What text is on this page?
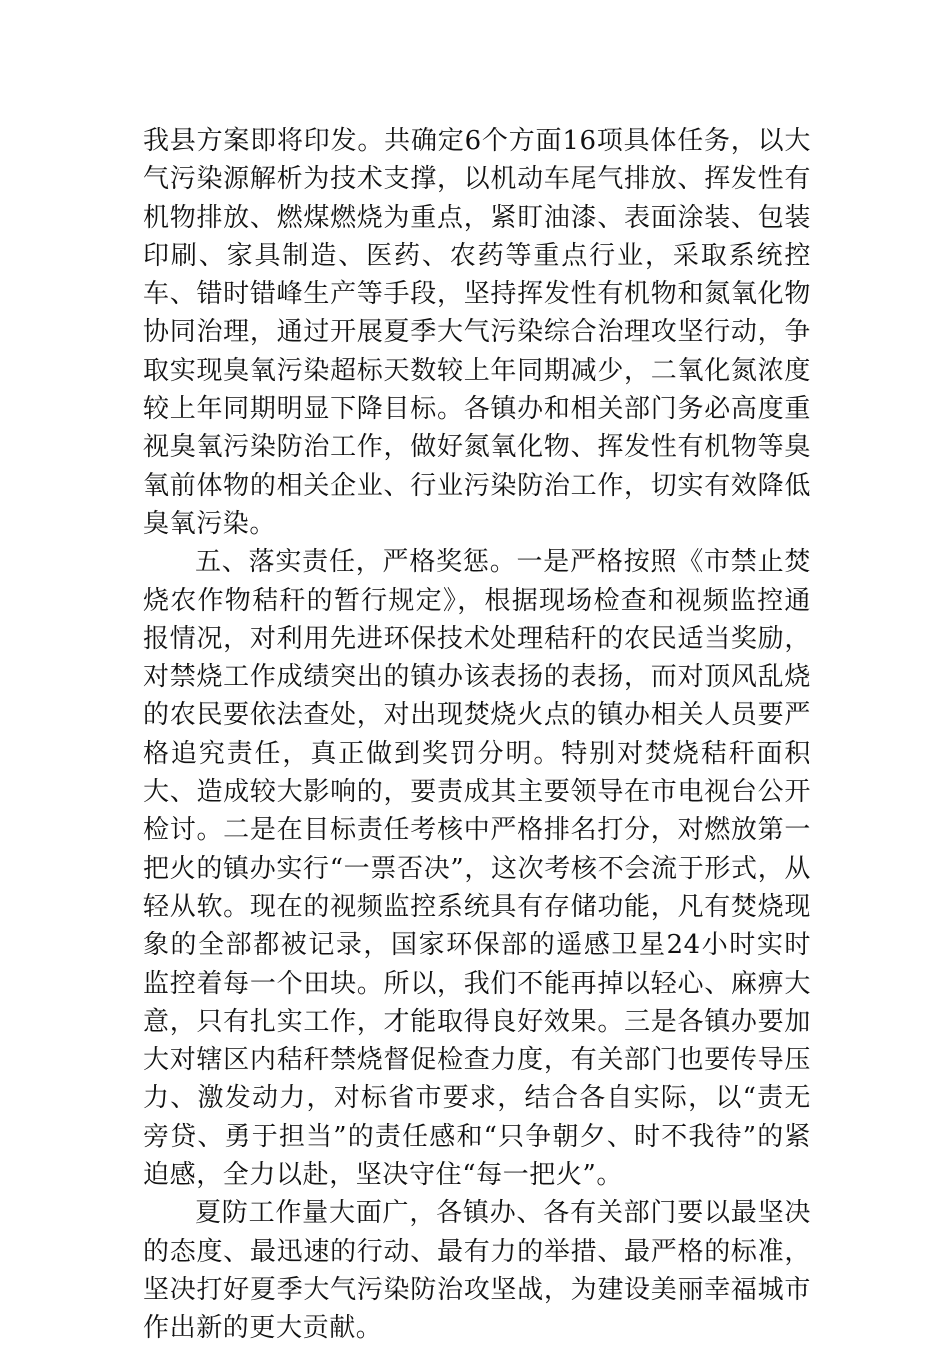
我县方案即将印发。共确定6个方面16项具体任务，以大气污染源解析为技术支撑，以机动车尾气排放、挥发性有机物排放、燃煤燃烧为重点，紧盯油漆、表面涂装、包装印刷、家具制造、医药、农药等重点行业，采取系统控车、错时错峰生产等手段，坚持挥发性有机物和氮氧化物协同治理，通过开展夏季大气污染综合治理攻坚行动，争取实现臭氧污染超标天数较上年同期减少，二氧化氮浓度较上年同期明显下降目标。各镇办和相关部门务必高度重视臭氧污染防治工作，做好氮氧化物、挥发性有机物等臭氧前体物的相关企业、行业污染防治工作，切实有效降低臭氧污染。

五、落实责任，严格奖惩。一是严格按照《市禁止焚烧农作物秸秆的暂行规定》，根据现场检查和视频监控通报情况，对利用先进环保技术处理秸秆的农民适当奖励，对禁烧工作成绩突出的镇办该表扬的表扬，而对顶风乱烧的农民要依法查处，对出现焚烧火点的镇办相关人员要严格追究责任，真正做到奖罚分明。特别对焚烧秸秆面积大、造成较大影响的，要责成其主要领导在市电视台公开检讨。二是在目标责任考核中严格排名打分，对燃放第一把火的镇办实行“一票否决”，这次考核不会流于形式，从轻从软。现在的视频监控系统具有存储功能，凡有焚烧现象的全部都被记录，国家环保部的遥感卫星24小时实时监控着每一个田块。所以，我们不能再掉以轻心、麻痹大意，只有扎实工作，才能取得良好效果。三是各镇办要加大对辖区内秸秆禁烧督促检查力度，有关部门也要传导压力、激发动力，对标省市要求，结合各自实际，以“责无旁贷、勇于担当”的责任感和“只争朝夕、时不我待”的紧迫感，全力以赴，坚决守住“每一把火”。

夏防工作量大面广，各镇办、各有关部门要以最坚决的态度、最迅速的行动、最有力的举措、最严格的标准，坚决打好夏季大气污染防治攻坚战，为建设美丽幸福城市作出新的更大贡献。
